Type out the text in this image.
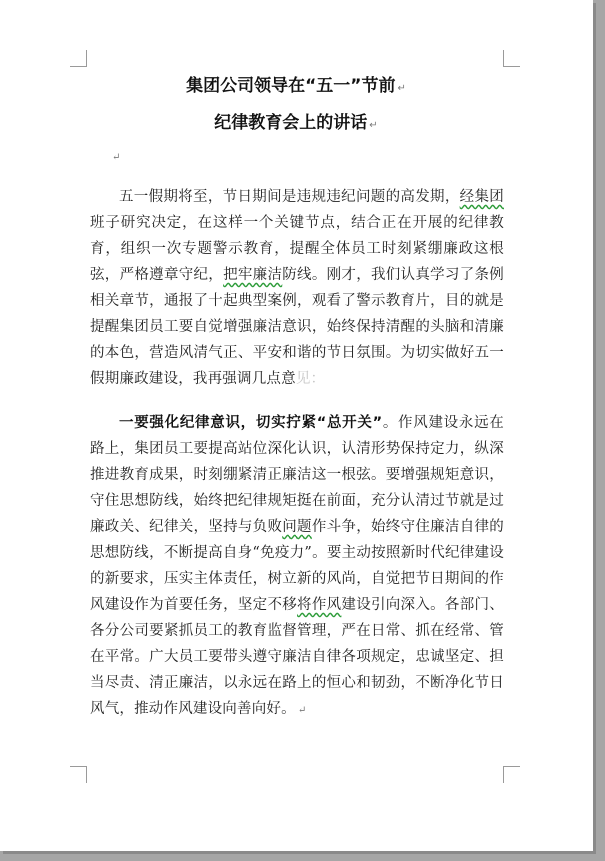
集团公司领导在“五一”节前 ↵
纪律教育会上的讲话 ↵
↵

五一假期将至，节日期间是违规违纪问题的高发期，经集团班子研究决定，在这样一个关键节点，结合正在开展的纪律教育，组织一次专题警示教育，提醒全体员工时刻紧绷廉政这根弦，严格遵章守纪，把牢廉洁防线。刚才，我们认真学习了条例相关章节，通报了十起典型案例，观看了警示教育片，目的就是提醒集团员工要自觉增强廉洁意识，始终保持清醒的头脑和清廉的本色，营造风清气正、平安和谐的节日氛围。为切实做好五一假期廉政建设，我再强调几点意见：

一要强化纪律意识，切实拧紧“总开关”。作风建设永远在路上，集团员工要提高站位深化认识，认清形势保持定力，纵深推进教育成果，时刻绷紧清正廉洁这一根弦。要增强规矩意识，守住思想防线，始终把纪律规矩挺在前面，充分认清过节就是过廉政关、纪律关，坚持与负败问题作斗争，始终守住廉洁自律的思想防线，不断提高自身“免疫力”。要主动按照新时代纪律建设的新要求，压实主体责任，树立新的风尚，自觉把节日期间的作风建设作为首要任务，坚定不移将作风建设引向深入。各部门、各分公司要紧抓员工的教育监督管理，严在日常、抓在经常、管在平常。广大员工要带头遵守廉洁自律各项规定，忠诚坚定、担当尽责、清正廉洁，以永远在路上的恒心和韧劲，不断净化节日风气，推动作风建设向善向好。 ↵
